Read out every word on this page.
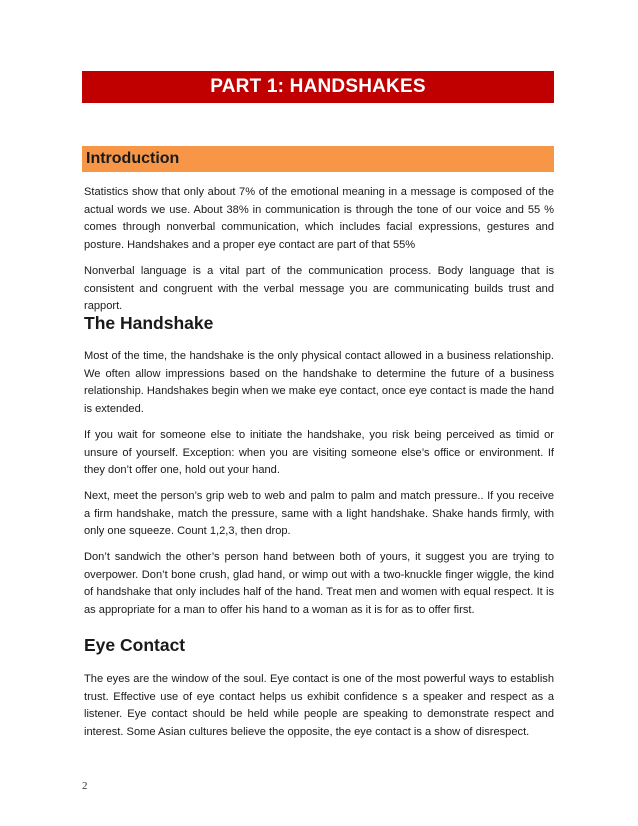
PART 1: HANDSHAKES
Introduction

Statistics show that only about 7% of the emotional meaning in a message is composed of the actual words we use. About 38% in communication is through the tone of our voice and 55 % comes through nonverbal communication, which includes facial expressions, gestures and posture. Handshakes and a proper eye contact are part of that 55%

Nonverbal language is a vital part of the communication process. Body language that is consistent and congruent with the verbal message you are communicating builds trust and rapport.

The Handshake

Most of the time, the handshake is the only physical contact allowed in a business relationship. We often allow impressions based on the handshake to determine the future of a business relationship. Handshakes begin when we make eye contact, once eye contact is made the hand is extended.

If you wait for someone else to initiate the handshake, you risk being perceived as timid or unsure of yourself. Exception: when you are visiting someone else’s office or environment. If they don’t offer one, hold out your hand.

Next, meet the person’s grip web to web and palm to palm and match pressure.. If you receive a firm handshake, match the pressure, same with a light handshake. Shake hands firmly, with only one squeeze. Count 1,2,3, then drop.

Don’t sandwich the other’s person hand between both of yours, it suggest you are trying to overpower. Don’t bone crush, glad hand, or wimp out with a two-knuckle finger wiggle, the kind of handshake that only includes half of the hand. Treat men and women with equal respect. It is as appropriate for a man to offer his hand to a woman as it is for as to offer first.

Eye Contact

The eyes are the window of the soul. Eye contact is one of the most powerful ways to establish trust. Effective use of eye contact helps us exhibit confidence s a speaker and respect as a listener. Eye contact should be held while people are speaking to demonstrate respect and interest. Some Asian cultures believe the opposite, the eye contact is a show of disrespect.

2
